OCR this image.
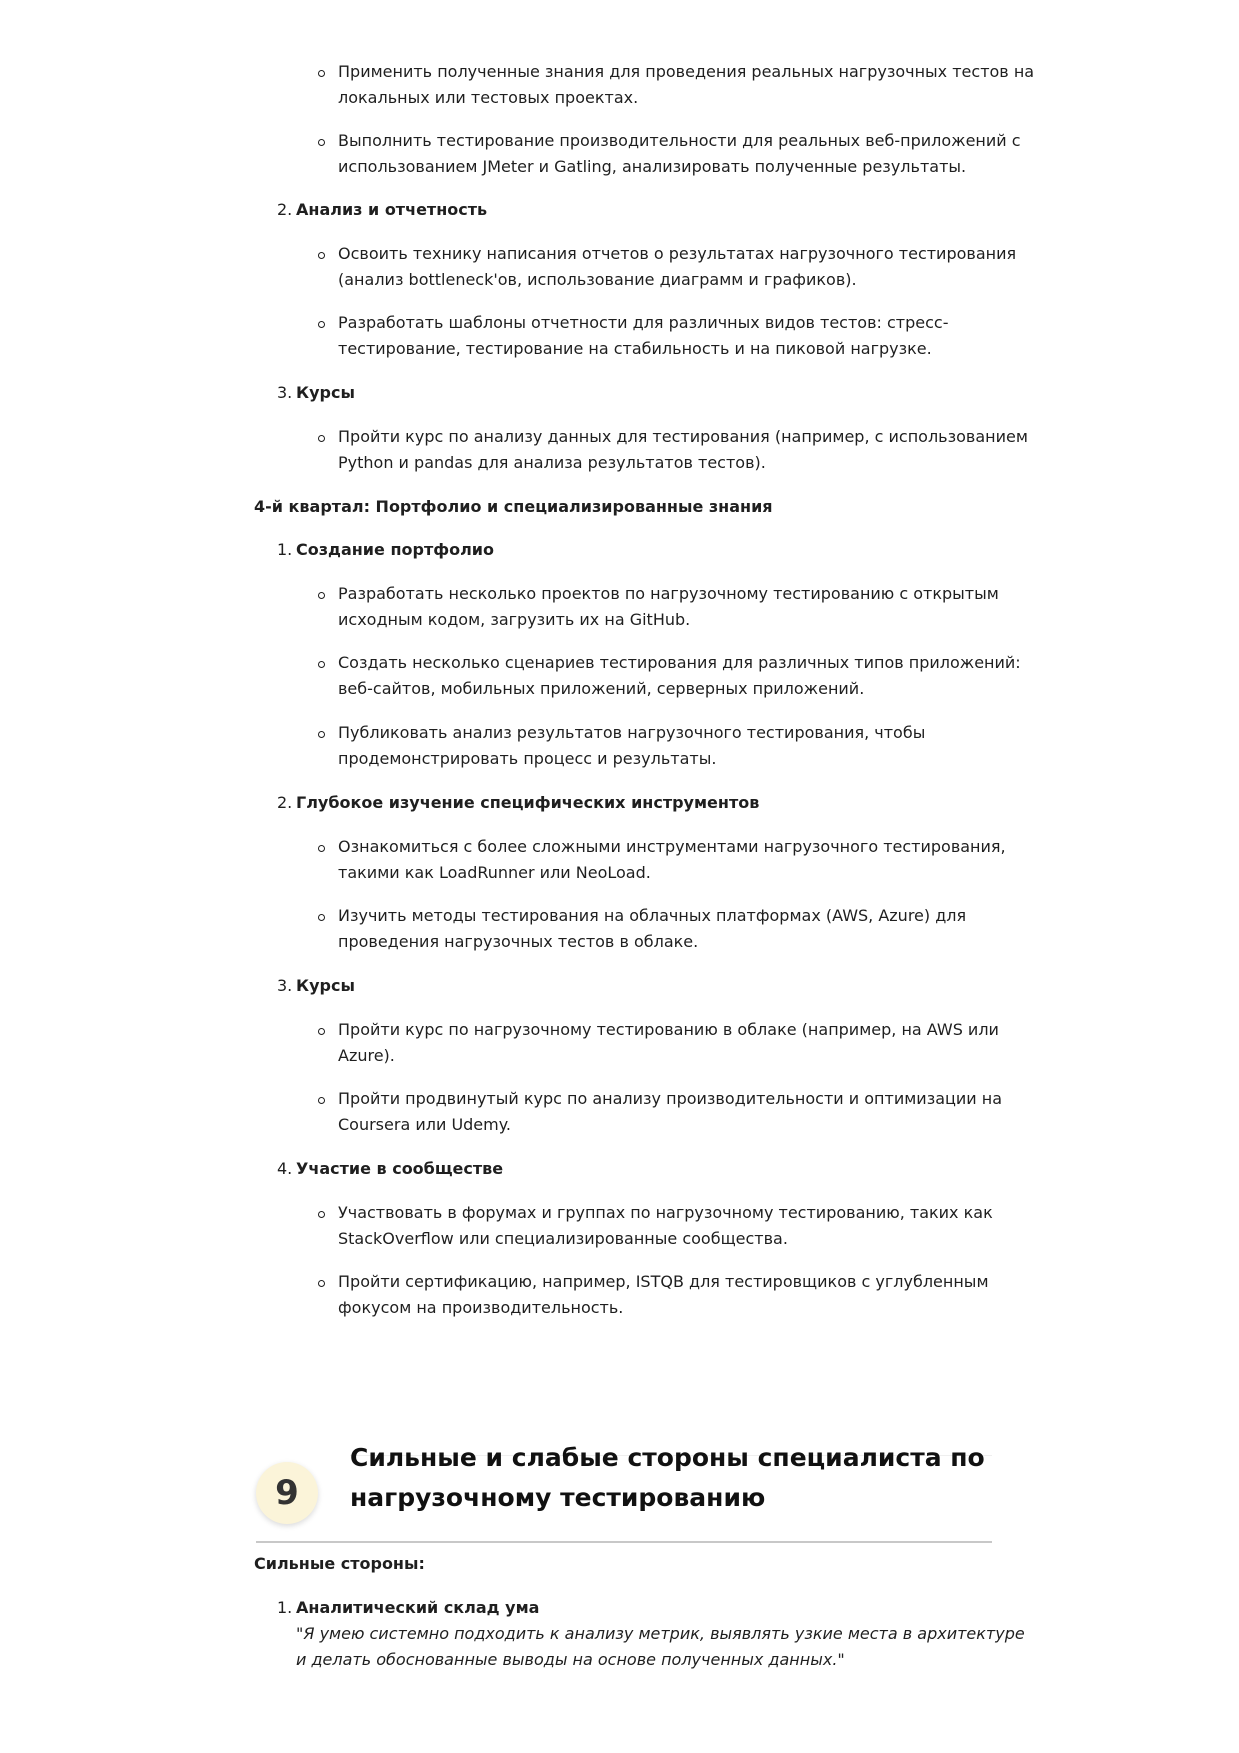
Применить полученные знания для проведения реальных нагрузочных тестов на
локальных или тестовых проектах.
Выполнить тестирование производительности для реальных веб-приложений с
использованием JMeter и Gatling, анализировать полученные результаты.
2. Анализ и отчетность
Освоить технику написания отчетов о результатах нагрузочного тестирования
(анализ bottleneck'ов, использование диаграмм и графиков).
Разработать шаблоны отчетности для различных видов тестов: стресс-
тестирование, тестирование на стабильность и на пиковой нагрузке.
3. Курсы
Пройти курс по анализу данных для тестирования (например, с использованием
Python и pandas для анализа результатов тестов).
4-й квартал: Портфолио и специализированные знания
1. Создание портфолио
Разработать несколько проектов по нагрузочному тестированию с открытым
исходным кодом, загрузить их на GitHub.
Создать несколько сценариев тестирования для различных типов приложений:
веб-сайтов, мобильных приложений, серверных приложений.
Публиковать анализ результатов нагрузочного тестирования, чтобы
продемонстрировать процесс и результаты.
2. Глубокое изучение специфических инструментов
Ознакомиться с более сложными инструментами нагрузочного тестирования,
такими как LoadRunner или NeoLoad.
Изучить методы тестирования на облачных платформах (AWS, Azure) для
проведения нагрузочных тестов в облаке.
3. Курсы
Пройти курс по нагрузочному тестированию в облаке (например, на AWS или
Azure).
Пройти продвинутый курс по анализу производительности и оптимизации на
Coursera или Udemy.
4. Участие в сообществе
Участвовать в форумах и группах по нагрузочному тестированию, таких как
StackOverflow или специализированные сообщества.
Пройти сертификацию, например, ISTQB для тестировщиков с углубленным
фокусом на производительность.
9
Сильные и слабые стороны специалиста по
нагрузочному тестированию
Сильные стороны:
1. Аналитический склад ума
"Я умею системно подходить к анализу метрик, выявлять узкие места в архитектуре
и делать обоснованные выводы на основе полученных данных."
